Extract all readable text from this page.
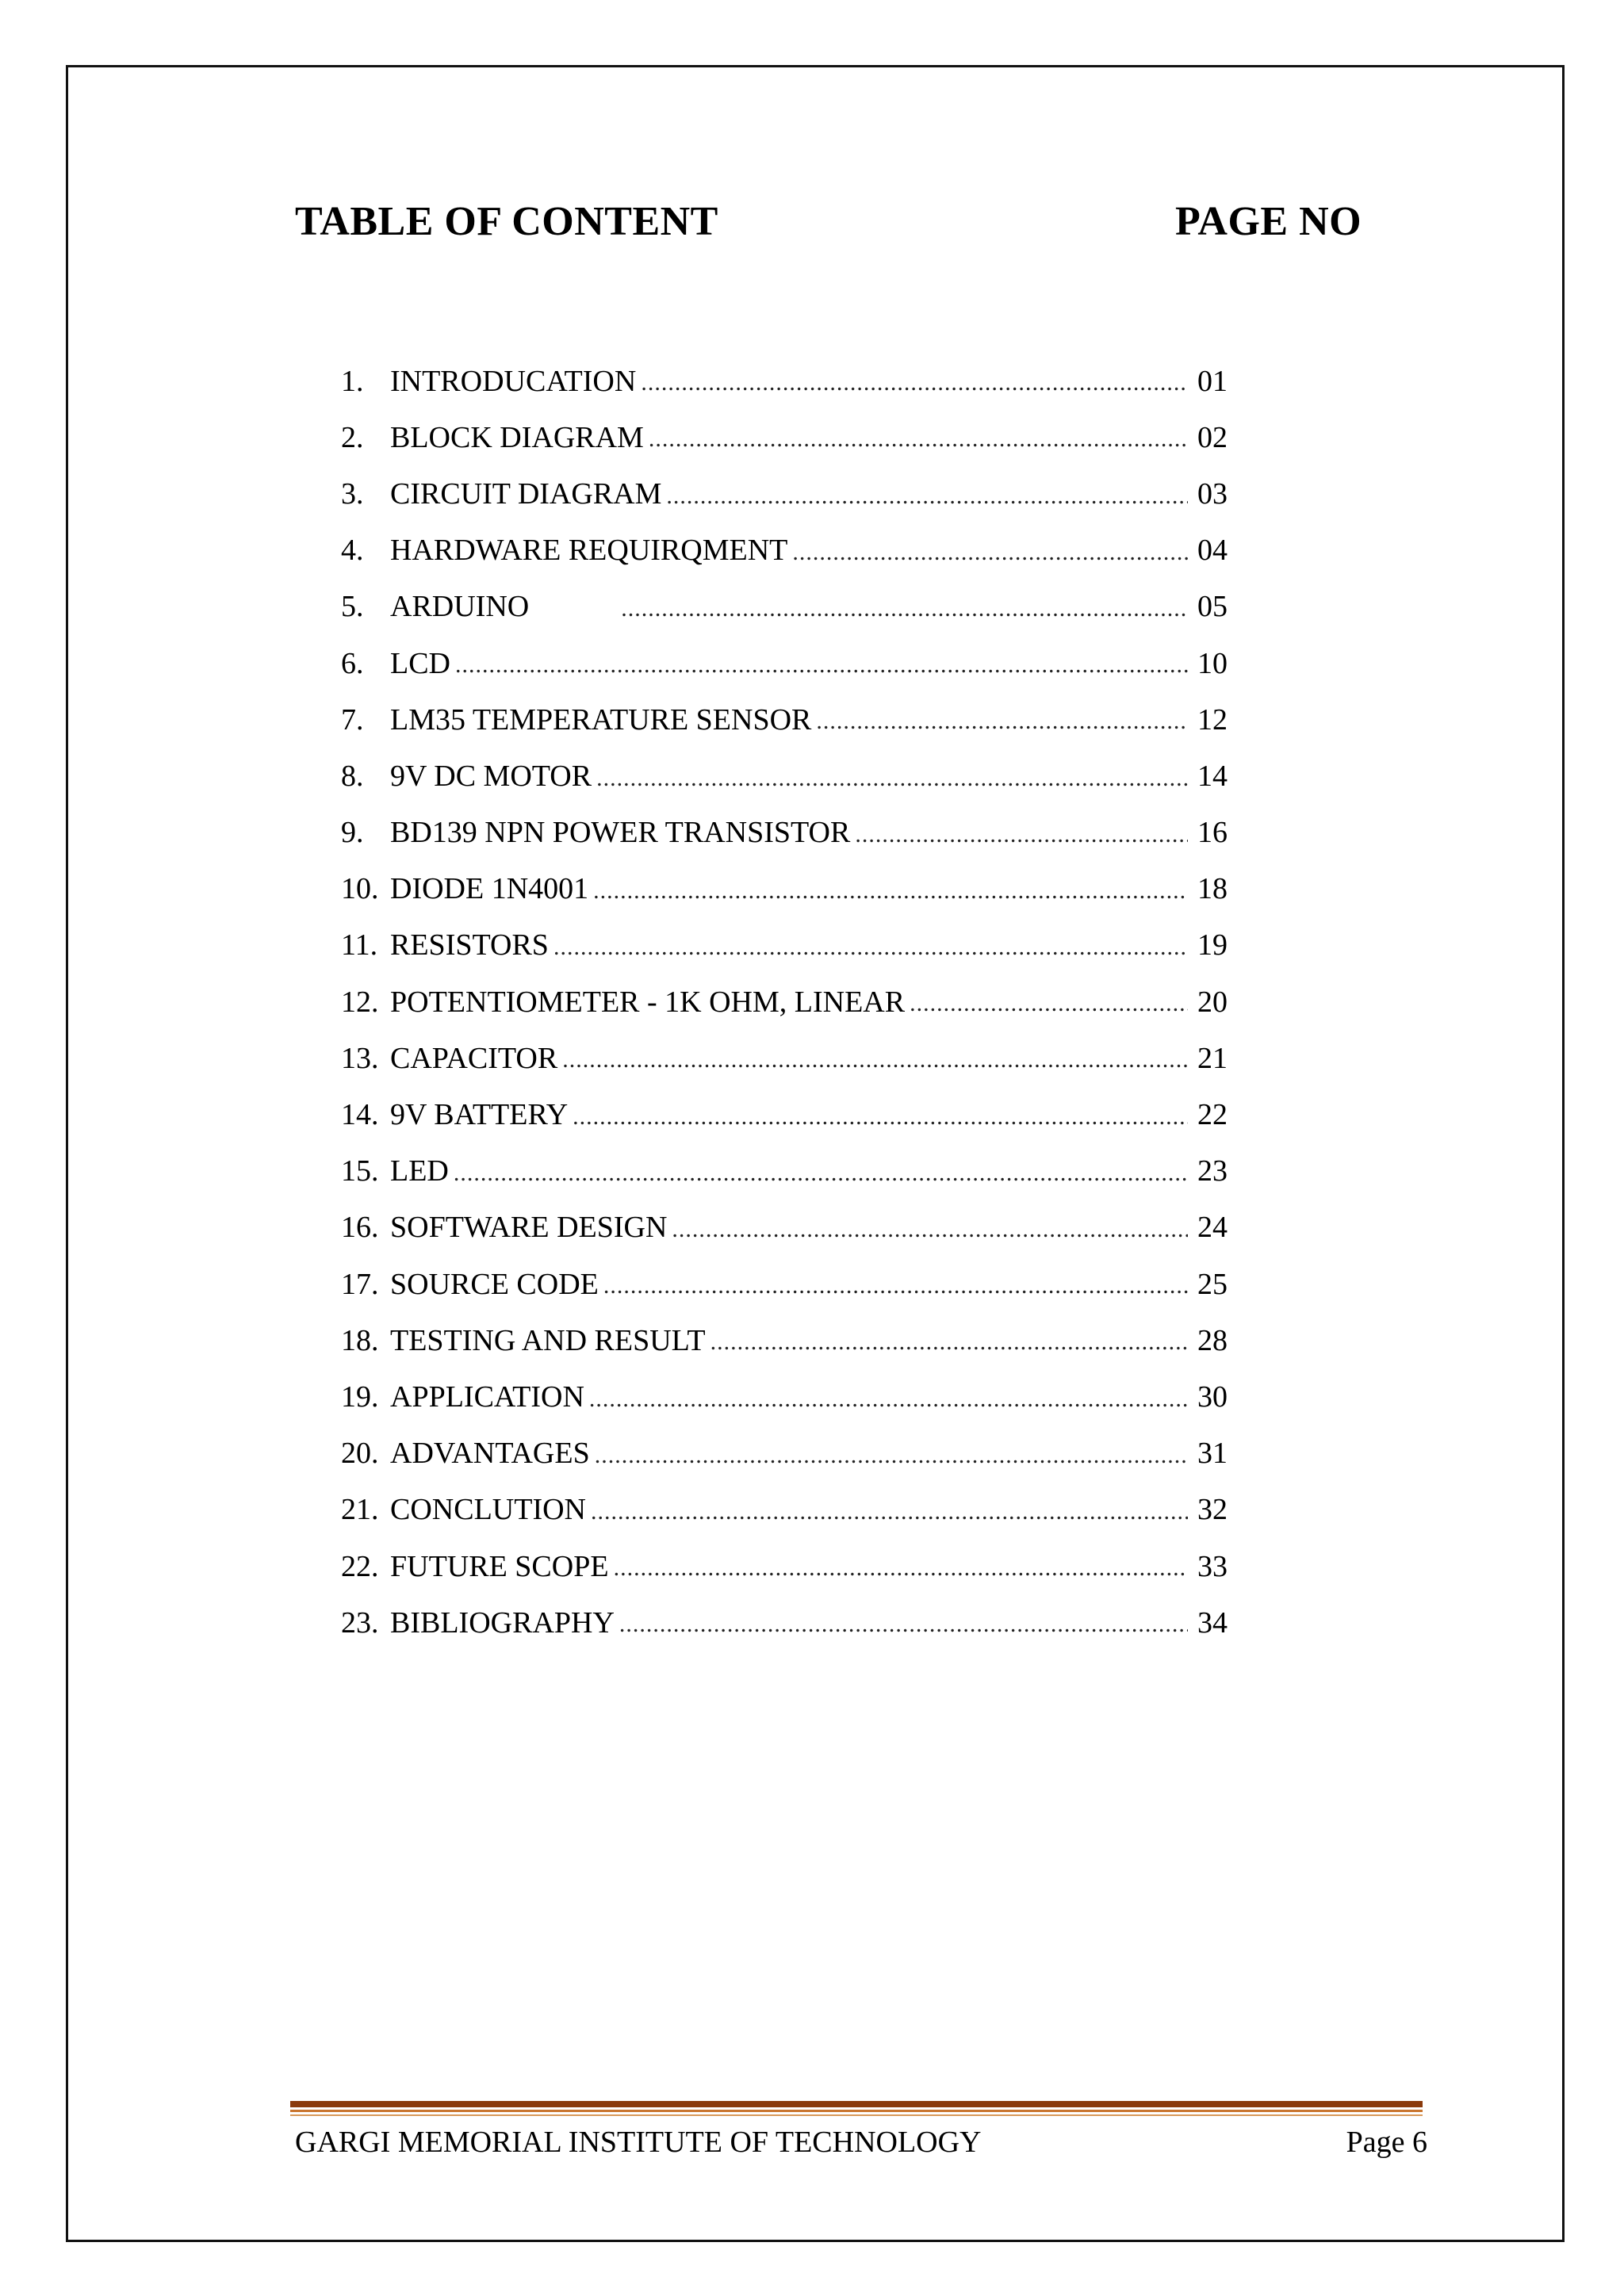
TABLE OF CONTENT	PAGE NO
1. INTRODUCATION .....	01
2. BLOCK DIAGRAM .....	02
3. CIRCUIT DIAGRAM .....	03
4. HARDWARE REQUIRQMENT .....	04
5. ARDUINO .....	05
6. LCD .....	10
7. LM35 TEMPERATURE SENSOR .....	12
8. 9V DC MOTOR .....	14
9. BD139 NPN POWER TRANSISTOR .....	16
10. DIODE 1N4001 .....	18
11. RESISTORS .....	19
12. POTENTIOMETER - 1K OHM, LINEAR .....	20
13. CAPACITOR .....	21
14. 9V BATTERY .....	22
15. LED .....	23
16. SOFTWARE DESIGN .....	24
17. SOURCE CODE .....	25
18. TESTING AND RESULT .....	28
19. APPLICATION .....	30
20. ADVANTAGES .....	31
21. CONCLUTION .....	32
22. FUTURE SCOPE .....	33
23. BIBLIOGRAPHY .....	34
GARGI MEMORIAL INSTITUTE OF TECHNOLOGY	Page 6
